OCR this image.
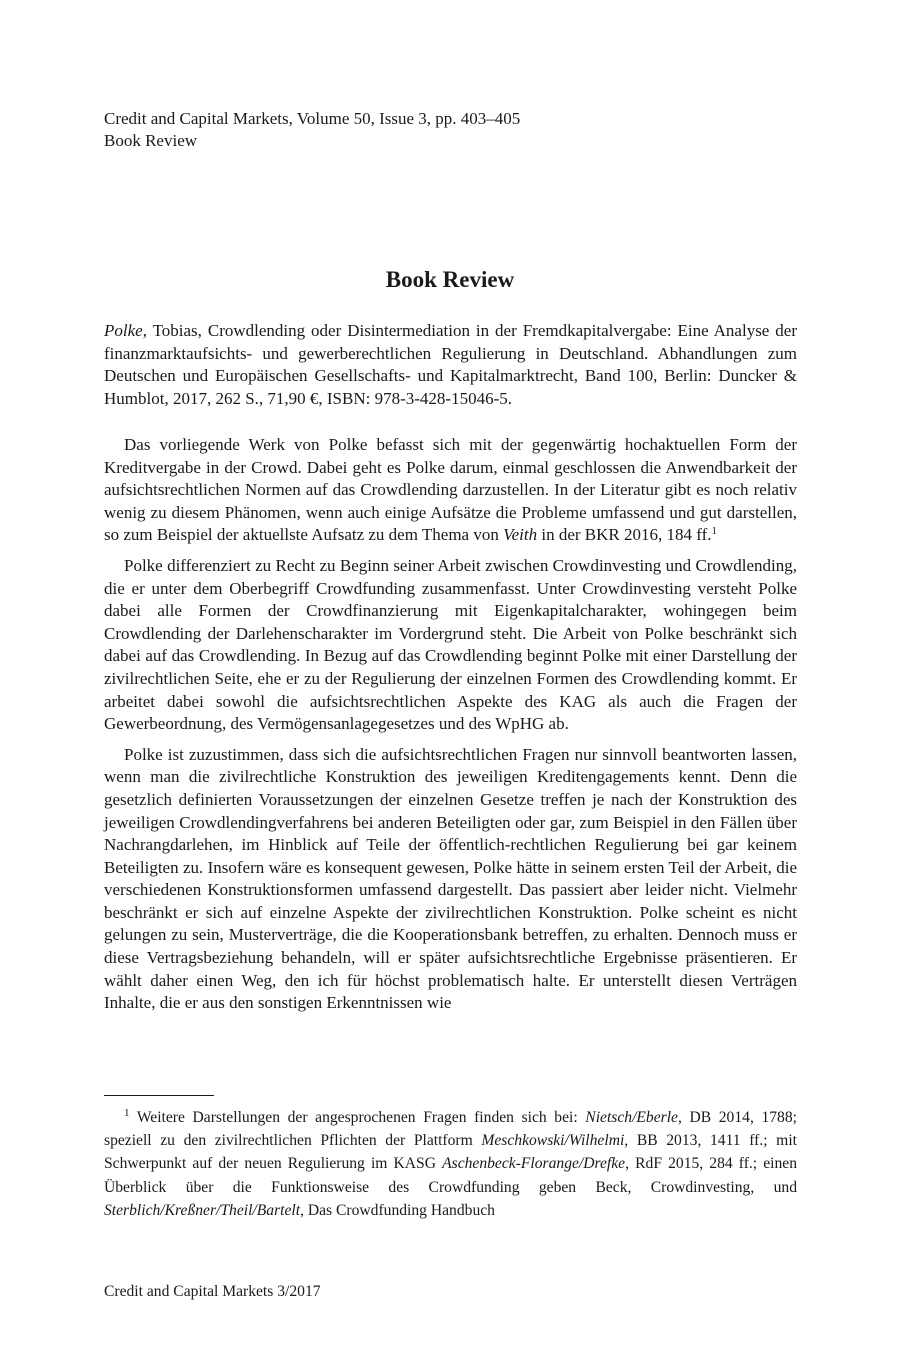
Credit and Capital Markets, Volume 50, Issue 3, pp. 403–405
Book Review
Book Review
Polke, Tobias, Crowdlending oder Disintermediation in der Fremdkapitalvergabe: Eine Analyse der finanzmarktaufsichts- und gewerberechtlichen Regulierung in Deutschland. Abhandlungen zum Deutschen und Europäischen Gesellschafts- und Kapitalmarktrecht, Band 100, Berlin: Duncker & Humblot, 2017, 262 S., 71,90 €, ISBN: 978-3-428-15046-5.

Das vorliegende Werk von Polke befasst sich mit der gegenwärtig hochaktuellen Form der Kreditvergabe in der Crowd. Dabei geht es Polke darum, einmal geschlossen die Anwendbarkeit der aufsichtsrechtlichen Normen auf das Crowdlending darzustellen. In der Literatur gibt es noch relativ wenig zu diesem Phänomen, wenn auch einige Aufsätze die Probleme umfassend und gut darstellen, so zum Beispiel der aktuellste Aufsatz zu dem Thema von Veith in der BKR 2016, 184 ff.$^1$

Polke differenziert zu Recht zu Beginn seiner Arbeit zwischen Crowdinvesting und Crowdlending, die er unter dem Oberbegriff Crowdfunding zusammenfasst. Unter Crowdinvesting versteht Polke dabei alle Formen der Crowdfinanzierung mit Eigenkapitalcharakter, wohingegen beim Crowdlending der Darlehenscharakter im Vordergrund steht. Die Arbeit von Polke beschränkt sich dabei auf das Crowdlending. In Bezug auf das Crowdlending beginnt Polke mit einer Darstellung der zivilrechtlichen Seite, ehe er zu der Regulierung der einzelnen Formen des Crowdlending kommt. Er arbeitet dabei sowohl die aufsichtsrechtlichen Aspekte des KAG als auch die Fragen der Gewerbeordnung, des Vermögensanlagegesetzes und des WpHG ab.

Polke ist zuzustimmen, dass sich die aufsichtsrechtlichen Fragen nur sinnvoll beantworten lassen, wenn man die zivilrechtliche Konstruktion des jeweiligen Kreditengagements kennt. Denn die gesetzlich definierten Voraussetzungen der einzelnen Gesetze treffen je nach der Konstruktion des jeweiligen Crowdlendingverfahrens bei anderen Beteiligten oder gar, zum Beispiel in den Fällen über Nachrangdarlehen, im Hinblick auf Teile der öffentlich-rechtlichen Regulierung bei gar keinem Beteiligten zu. Insofern wäre es konsequent gewesen, Polke hätte in seinem ersten Teil der Arbeit, die verschiedenen Konstruktionsformen umfassend dargestellt. Das passiert aber leider nicht. Vielmehr beschränkt er sich auf einzelne Aspekte der zivilrechtlichen Konstruktion. Polke scheint es nicht gelungen zu sein, Musterverträge, die die Kooperationsbank betreffen, zu erhalten. Dennoch muss er diese Vertragsbeziehung behandeln, will er später aufsichtsrechtliche Ergebnisse präsentieren. Er wählt daher einen Weg, den ich für höchst problematisch halte. Er unterstellt diesen Verträgen Inhalte, die er aus den sonstigen Erkenntnissen wie

$^1$ Weitere Darstellungen der angesprochenen Fragen finden sich bei: Nietsch/Eberle, DB 2014, 1788; speziell zu den zivilrechtlichen Pflichten der Plattform Meschkowski/Wilhelmi, BB 2013, 1411 ff.; mit Schwerpunkt auf der neuen Regulierung im KASG Aschenbeck-Florange/Drefke, RdF 2015, 284 ff.; einen Überblick über die Funktionsweise des Crowdfunding geben Beck, Crowdinvesting, und Sterblich/Kreßner/Theil/Bartelt, Das Crowdfunding Handbuch
Credit and Capital Markets 3/2017
